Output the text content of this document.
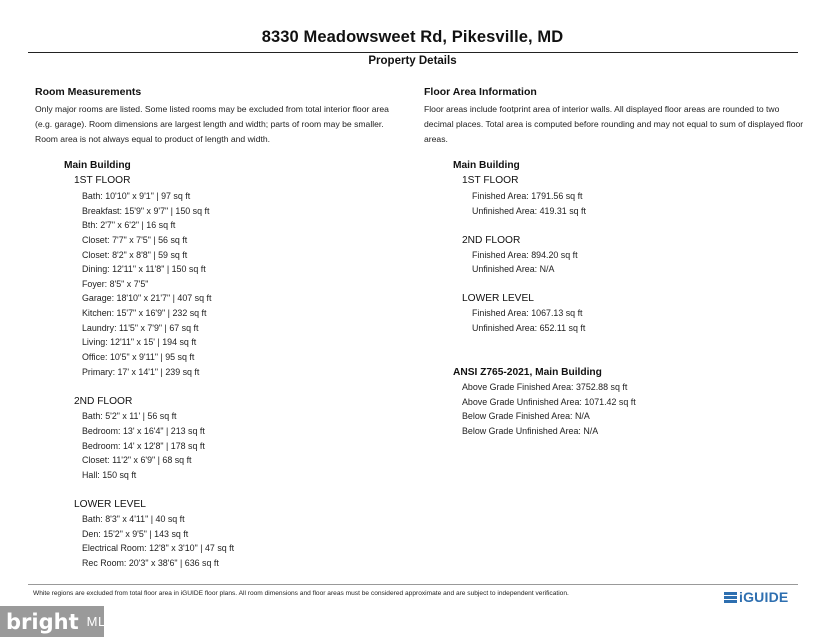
8330 Meadowsweet Rd, Pikesville, MD
Property Details
Room Measurements

Only major rooms are listed. Some listed rooms may be excluded from total interior floor area (e.g. garage). Room dimensions are largest length and width; parts of room may be smaller. Room area is not always equal to product of length and width.

Floor Area Information

Floor areas include footprint area of interior walls. All displayed floor areas are rounded to two decimal places. Total area is computed before rounding and may not equal to sum of displayed floor areas.

Main Building
1ST FLOOR
Bath: 10'10" x 9'1" | 97 sq ft
Breakfast: 15'9" x 9'7" | 150 sq ft
Bth: 2'7" x 6'2" | 16 sq ft
Closet: 7'7" x 7'5" | 56 sq ft
Closet: 8'2" x 8'8" | 59 sq ft
Dining: 12'11" x 11'8" | 150 sq ft
Foyer: 8'5" x 7'5"
Garage: 18'10" x 21'7" | 407 sq ft
Kitchen: 15'7" x 16'9" | 232 sq ft
Laundry: 11'5" x 7'9" | 67 sq ft
Living: 12'11" x 15' | 194 sq ft
Office: 10'5" x 9'11" | 95 sq ft
Primary: 17' x 14'1" | 239 sq ft
2ND FLOOR
Bath: 5'2" x 11' | 56 sq ft
Bedroom: 13' x 16'4" | 213 sq ft
Bedroom: 14' x 12'8" | 178 sq ft
Closet: 11'2" x 6'9" | 68 sq ft
Hall: 150 sq ft
LOWER LEVEL
Bath: 8'3" x 4'11" | 40 sq ft
Den: 15'2" x 9'5" | 143 sq ft
Electrical Room: 12'8" x 3'10" | 47 sq ft
Rec Room: 20'3" x 38'6" | 636 sq ft
Main Building
1ST FLOOR
Finished Area: 1791.56 sq ft
Unfinished Area: 419.31 sq ft
2ND FLOOR
Finished Area: 894.20 sq ft
Unfinished Area: N/A
LOWER LEVEL
Finished Area: 1067.13 sq ft
Unfinished Area: 652.11 sq ft
ANSI Z765-2021, Main Building
Above Grade Finished Area: 3752.88 sq ft
Above Grade Unfinished Area: 1071.42 sq ft
Below Grade Finished Area: N/A
Below Grade Unfinished Area: N/A
White regions are excluded from total floor area in iGUIDE floor plans. All room dimensions and floor areas must be considered approximate and are subject to independent verification.	iGUIDE
bright MLS
